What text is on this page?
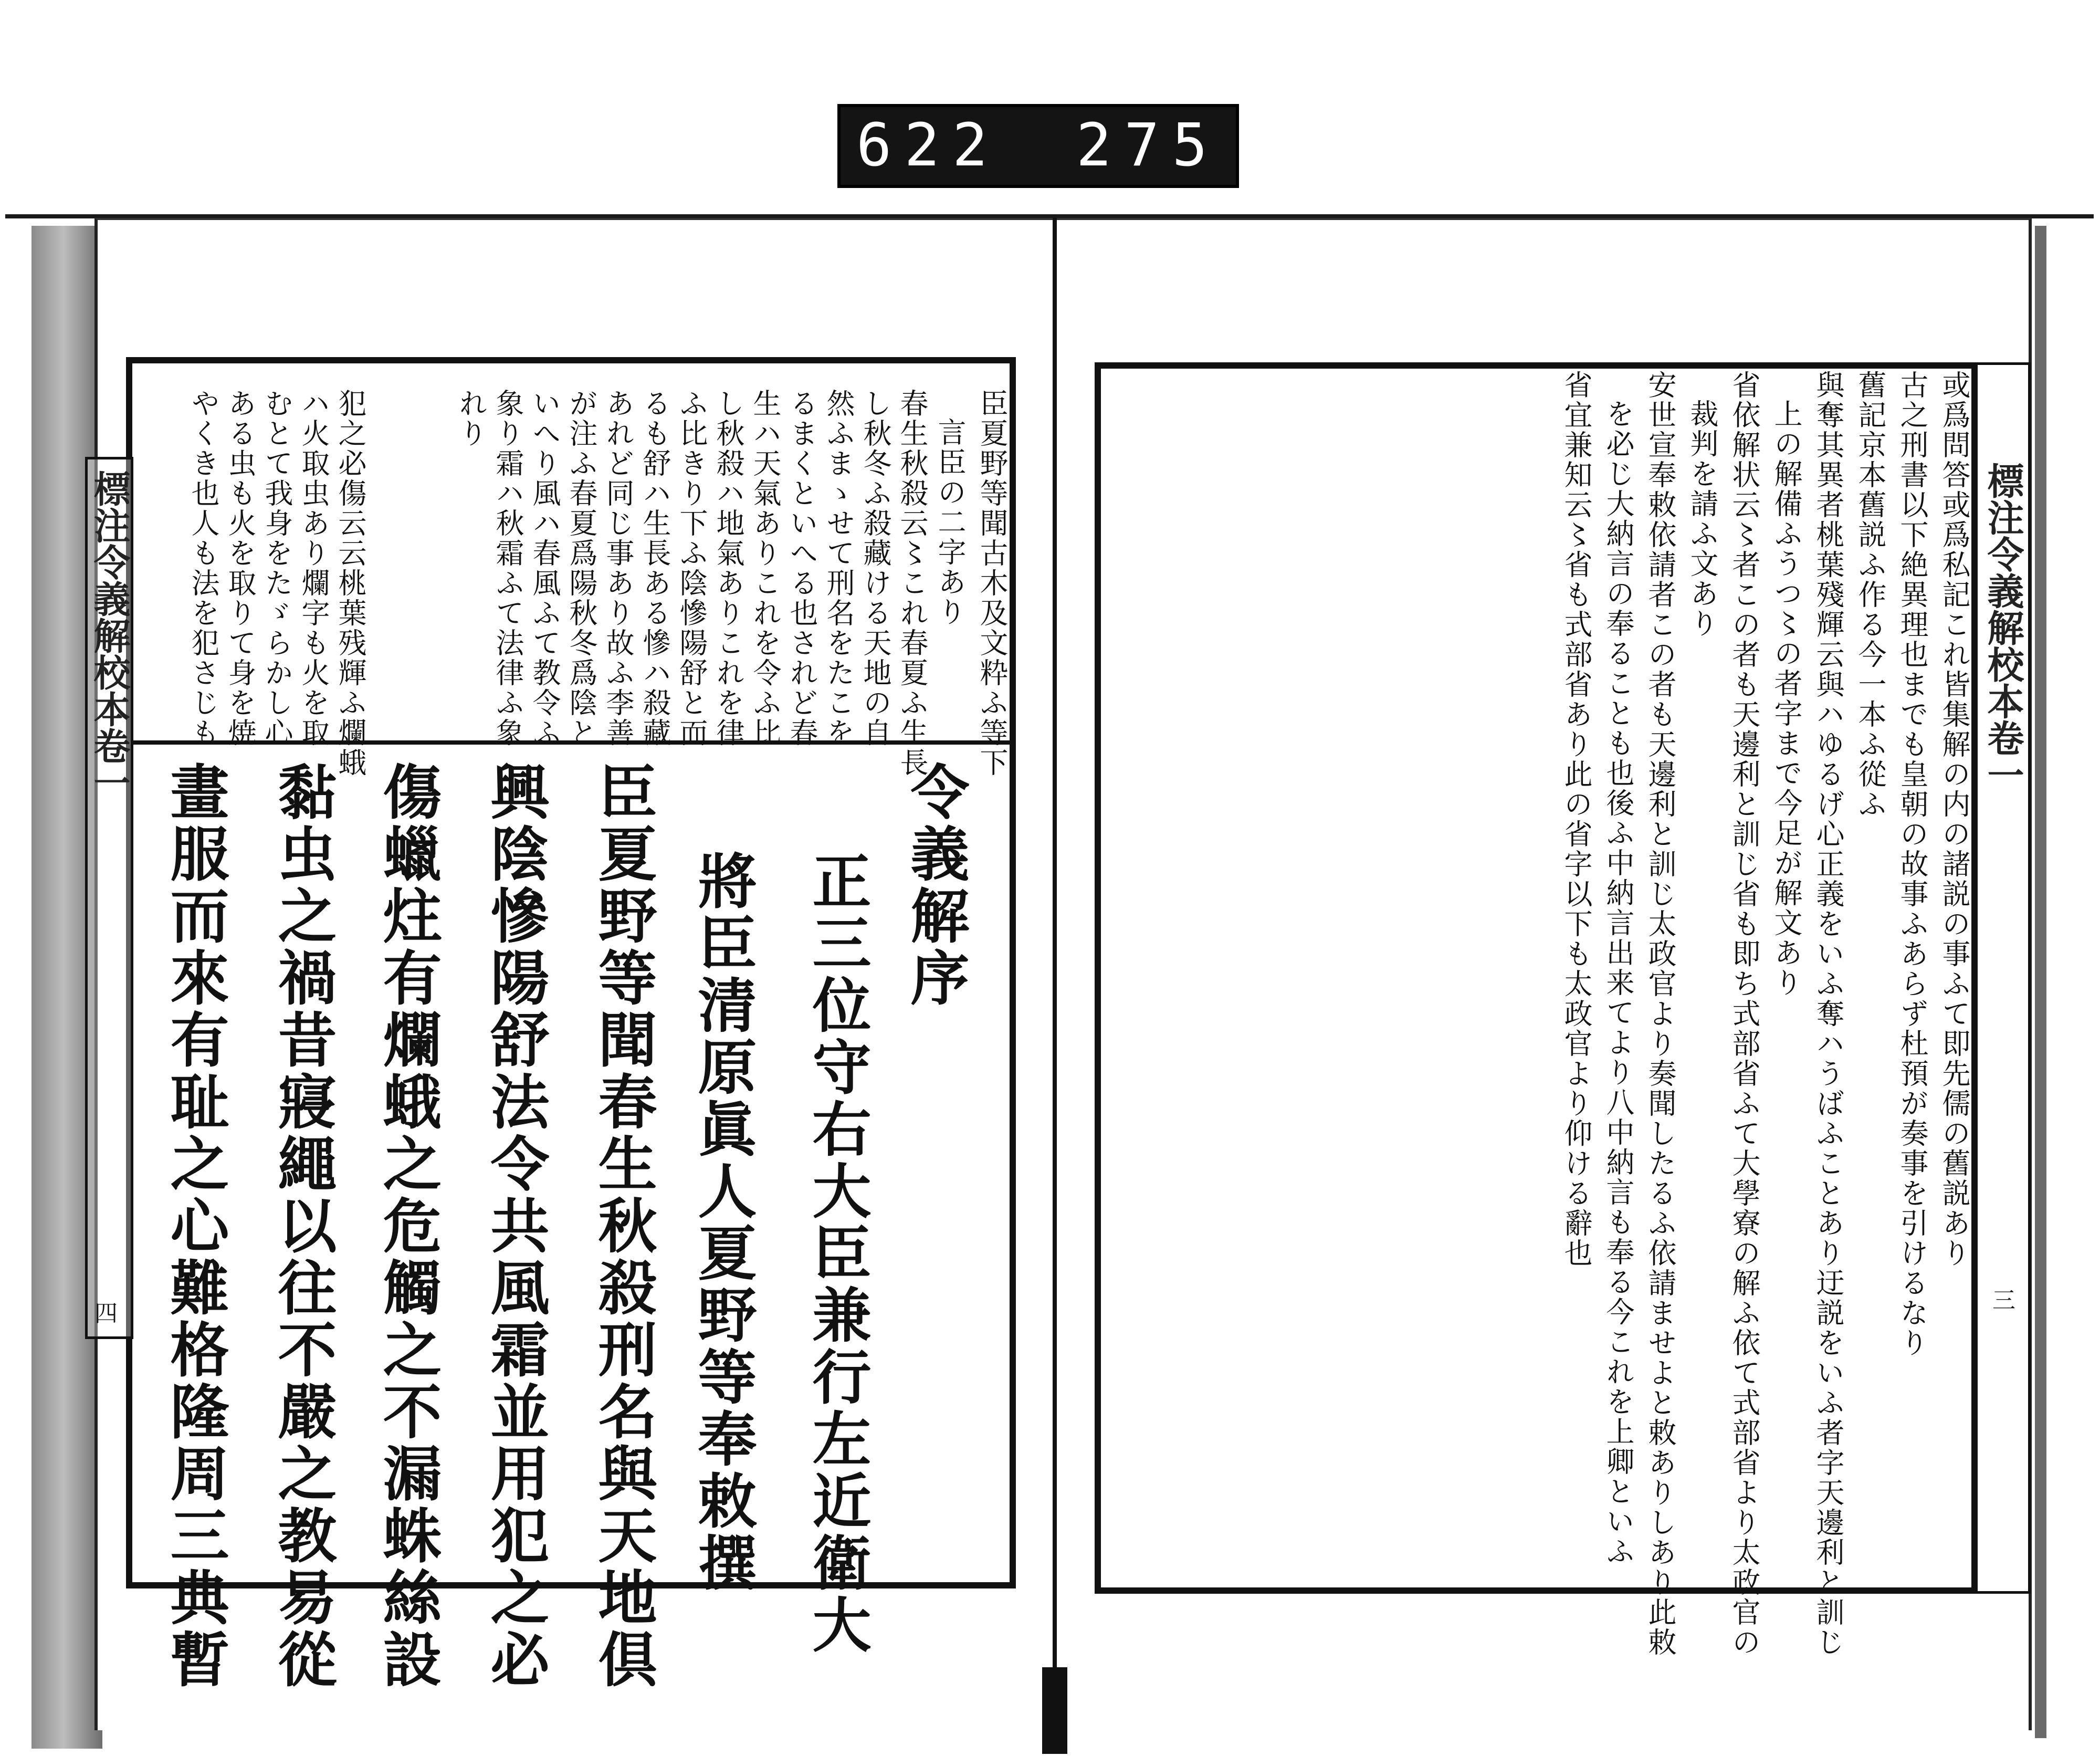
622 275
標注令義解校本卷一
四
臣夏野等聞古木及文粋ふ等下
言臣の二字あり
春生秋殺云〻これ春夏ふ生長
し秋冬ふ殺藏ける天地の自
然ふまゝせて刑名をたこを
るまくといへる也されど春
生ハ天氣ありこれを令ふ比
し秋殺ハ地氣ありこれを律
ふ比きり下ふ陰慘陽舒と而
るも舒ハ生長ある慘ハ殺藏
あれど同じ事あり故ふ李善
が注ふ春夏爲陽秋冬爲陰と
いへり風ハ春風ふて教令ふ
象り霜ハ秋霜ふて法律ふ象
れり
犯之必傷云云桃葉残輝ふ爛蛾
ハ火取虫あり爛字も火を取
むとて我身をたゞらかし心
ある虫も火を取りて身を焼
やくき也人も法を犯さじも
令義解序
正三位守右大臣兼行左近衛大
將臣清原眞人夏野等奉敕撰
臣夏野等聞春生秋殺刑名與天地倶
興陰慘陽舒法令共風霜並用犯之必
傷蠟炷有爛蛾之危觸之不漏蛛絲設
黏虫之禍昔寢繩以往不嚴之教易從
畫服而來有耻之心難格隆周三典暫
標注令義解校本卷一
三
或爲問答或爲私記これ皆集解の内の諸説の事ふて即先儒の舊説あり
古之刑書以下絶異理也までも皇朝の故事ふあらず杜預が奏事を引けるなり
舊記京本舊説ふ作る今一本ふ從ふ
與奪其異者桃葉殘輝云與ハゆるげ心正義をいふ奪ハうばふことあり迂説をいふ者字天邊利と訓じ
上の解備ふうつ〻の者字まで今足が解文あり
省依解状云〻者この者も天邊利と訓じ省も即ち式部省ふて大學寮の解ふ依て式部省より太政官の
裁判を請ふ文あり
安世宣奉敕依請者この者も天邊利と訓じ太政官より奏聞したるふ依請ませよと敕ありしあり此敕
を必じ大納言の奉ることも也後ふ中納言出来てより八中納言も奉る今これを上卿といふ
省宜兼知云〻省も式部省あり此の省字以下も太政官より仰ける辭也
